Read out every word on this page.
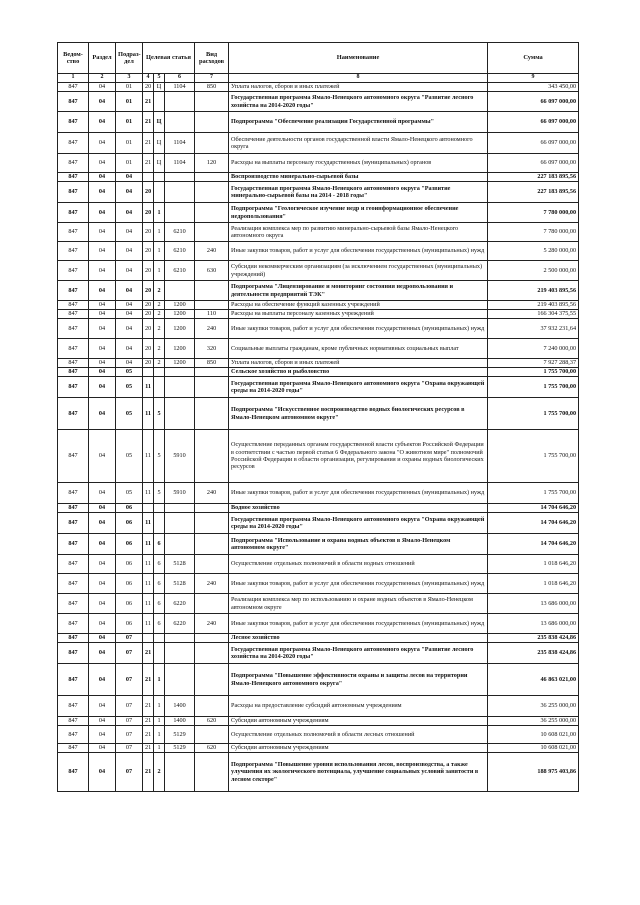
Ведом-ство	Раздел	Подраз-дел	Целевая статья			Вид расходов	Наименование	Сумма
1	2	3	4	5	6	7	8	9
847	04	01	20	Ц	1104	850	Уплата налогов, сборов и иных платежей	343 450,00
847	04	01	21				Государственная программа Ямало-Ненецкого автономного округа "Развитие лесного хозяйства на 2014-2020 годы"	66 097 000,00
847	04	01	21	Ц			Подпрограмма "Обеспечение реализации Государственной программы"	66 097 000,00
847	04	01	21	Ц	1104		Обеспечение деятельности органов государственной власти Ямало-Ненецкого автономного округа	66 097 000,00
847	04	01	21	Ц	1104	120	Расходы на выплаты персоналу государственных (муниципальных) органов	66 097 000,00
847	04	04					Воспроизводство минерально-сырьевой базы	227 183 895,56
847	04	04	20				Государственная программа Ямало-Ненецкого автономного округа "Развитие минерально-сырьевой базы на 2014 - 2018 годы"	227 183 895,56
847	04	04	20	1			Подпрограмма "Геологическое изучение недр и геоинформационное обеспечение недропользования"	7 780 000,00
847	04	04	20	1	6210		Реализация комплекса мер по развитию минерально-сырьевой базы Ямало-Ненецкого автономного округа	7 780 000,00
847	04	04	20	1	6210	240	Иные закупки товаров, работ и услуг для обеспечения государственных (муниципальных) нужд	5 280 000,00
847	04	04	20	1	6210	630	Субсидии некоммерческим организациям (за исключением государственных (муниципальных) учреждений)	2 500 000,00
847	04	04	20	2			Подпрограмма "Лицензирование и мониторинг состояния недропользования и деятельности предприятий ТЭК"	219 403 895,56
847	04	04	20	2	1200		Расходы на обеспечение функций казенных учреждений	219 403 895,56
847	04	04	20	2	1200	110	Расходы на выплаты персоналу казенных учреждений	166 304 375,55
847	04	04	20	2	1200	240	Иные закупки товаров, работ и услуг для обеспечения государственных (муниципальных) нужд	37 932 231,64
847	04	04	20	2	1200	320	Социальные выплаты гражданам, кроме публичных нормативных социальных выплат	7 240 000,00
847	04	04	20	2	1200	850	Уплата налогов, сборов и иных платежей	7 927 288,37
847	04	05					Сельское хозяйство и рыболовство	1 755 700,00
847	04	05	11				Государственная программа Ямало-Ненецкого автономного округа "Охрана окружающей среды на 2014-2020 годы"	1 755 700,00
847	04	05	11	5			Подпрограмма "Искусственное воспроизводство водных биологических ресурсов в Ямало-Ненецком автономном округе"	1 755 700,00
847	04	05	11	5	5910		Осуществление переданных органам государственной власти субъектов Российской Федерации в соответствии с частью первой статьи 6 Федерального закона "О животном мире" полномочий Российской Федерации в области организации, регулирования и охраны водных биологических ресурсов	1 755 700,00
847	04	05	11	5	5910	240	Иные закупки товаров, работ и услуг для обеспечения государственных (муниципальных) нужд	1 755 700,00
847	04	06					Водное хозяйство	14 704 646,20
847	04	06	11				Государственная программа Ямало-Ненецкого автономного округа "Охрана окружающей среды на 2014-2020 годы"	14 704 646,20
847	04	06	11	6			Подпрограмма "Использование и охрана водных объектов в Ямало-Ненецком автономном округе"	14 704 646,20
847	04	06	11	6	5128		Осуществление отдельных полномочий в области водных отношений	1 018 646,20
847	04	06	11	6	5128	240	Иные закупки товаров, работ и услуг для обеспечения государственных (муниципальных) нужд	1 018 646,20
847	04	06	11	6	6220		Реализация комплекса мер по использованию и охране водных объектов в Ямало-Ненецком автономном округе	13 686 000,00
847	04	06	11	6	6220	240	Иные закупки товаров, работ и услуг для обеспечения государственных (муниципальных) нужд	13 686 000,00
847	04	07					Лесное хозяйство	235 838 424,86
847	04	07	21				Государственная программа Ямало-Ненецкого автономного округа "Развитие лесного хозяйства на 2014-2020 годы"	235 838 424,86
847	04	07	21	1			Подпрограмма "Повышение эффективности охраны и защиты лесов на территории Ямало-Ненецкого автономного округа"	46 863 021,00
847	04	07	21	1	1400		Расходы на предоставление субсидий автономным учреждениям	36 255 000,00
847	04	07	21	1	1400	620	Субсидии автономным учреждениям	36 255 000,00
847	04	07	21	1	5129		Осуществление отдельных полномочий в области лесных отношений	10 608 021,00
847	04	07	21	1	5129	620	Субсидии автономным учреждениям	10 608 021,00
847	04	07	21	2			Подпрограмма "Повышение уровня использования лесов, воспроизводства, а также улучшения их экологического потенциала, улучшение социальных условий занятости в лесном секторе"	188 975 403,86
